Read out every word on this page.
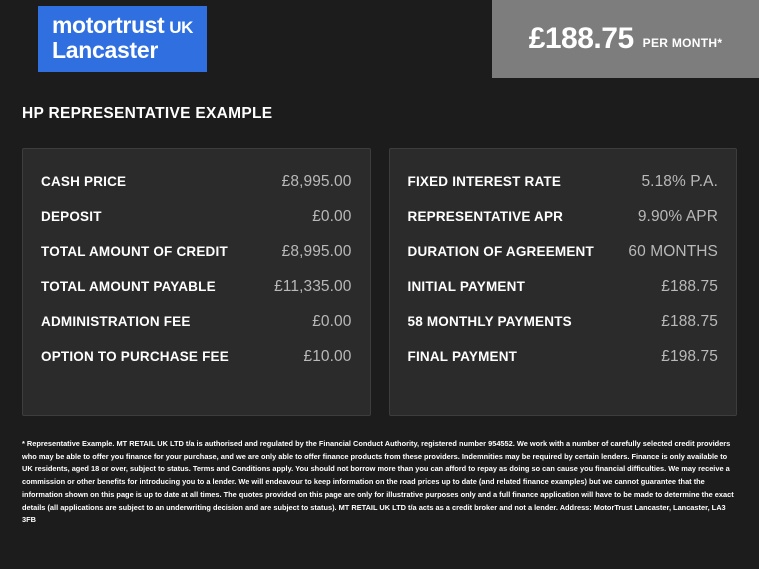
motortrust UK
Lancaster	£188.75 PER MONTH*
HP REPRESENTATIVE EXAMPLE
CASH PRICE	£8,995.00
DEPOSIT	£0.00
TOTAL AMOUNT OF CREDIT	£8,995.00
TOTAL AMOUNT PAYABLE	£11,335.00
ADMINISTRATION FEE	£0.00
OPTION TO PURCHASE FEE	£10.00
FIXED INTEREST RATE	5.18% P.A.
REPRESENTATIVE APR	9.90% APR
DURATION OF AGREEMENT 60 MONTHS
INITIAL PAYMENT	£188.75
58 MONTHLY PAYMENTS	£188.75
FINAL PAYMENT	£198.75
* Representative Example. MT RETAIL UK LTD t/a is authorised and regulated by the Financial Conduct Authority, registered number 954552. We work with a number of carefully selected credit providers who may be able to offer you finance for your purchase, and we are only able to offer finance products from these providers. Indemnities may be required by certain lenders. Finance is only available to UK residents, aged 18 or over, subject to status. Terms and Conditions apply. You should not borrow more than you can afford to repay as doing so can cause you financial difficulties. We may receive a commission or other benefits for introducing you to a lender. We will endeavour to keep information on the road prices up to date (and related finance examples) but we cannot guarantee that the information shown on this page is up to date at all times. The quotes provided on this page are only for illustrative purposes only and a full finance application will have to be made to determine the exact details (all applications are subject to an underwriting decision and are subject to status). MT RETAIL UK LTD t/a acts as a credit broker and not a lender. Address: MotorTrust Lancaster, Lancaster, LA3 3FB
